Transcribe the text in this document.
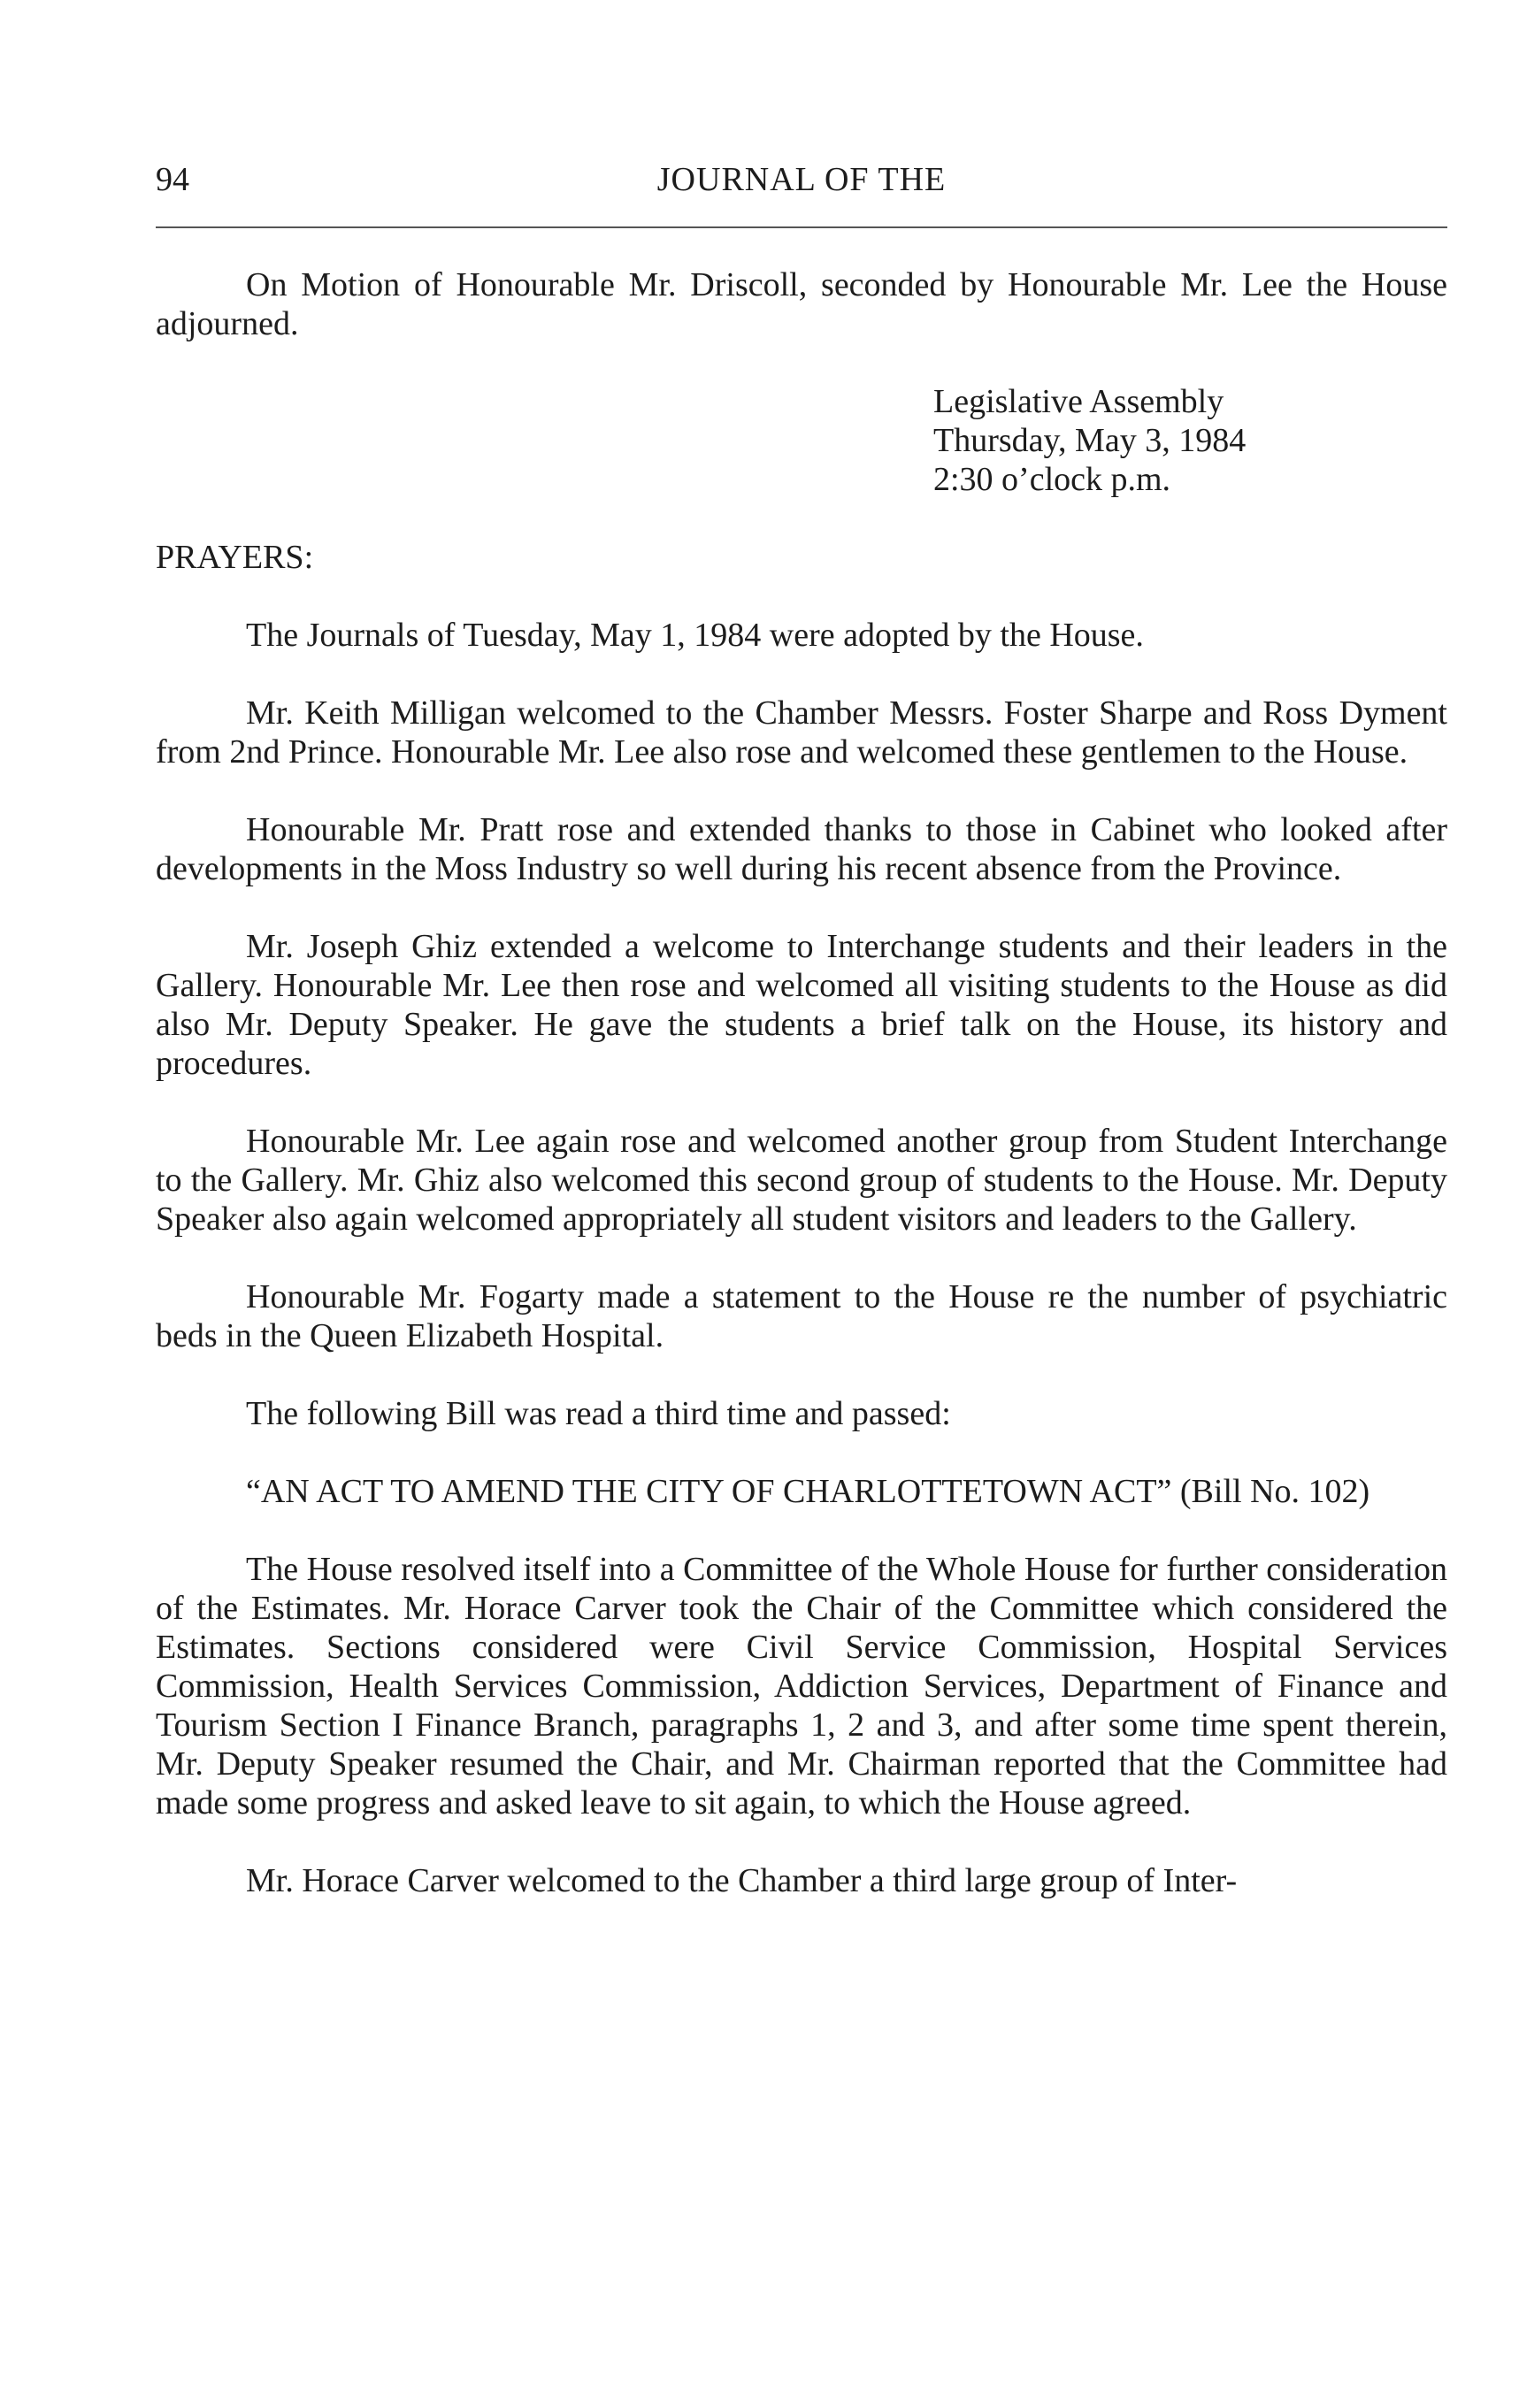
94	JOURNAL OF THE

On Motion of Honourable Mr. Driscoll, seconded by Honourable Mr. Lee the House adjourned.

Legislative Assembly
Thursday, May 3, 1984
2:30 o’clock p.m.

PRAYERS:

The Journals of Tuesday, May 1, 1984 were adopted by the House.

Mr. Keith Milligan welcomed to the Chamber Messrs. Foster Sharpe and Ross Dyment from 2nd Prince. Honourable Mr. Lee also rose and welcomed these gentlemen to the House.

Honourable Mr. Pratt rose and extended thanks to those in Cabinet who looked after developments in the Moss Industry so well during his recent absence from the Province.

Mr. Joseph Ghiz extended a welcome to Interchange students and their leaders in the Gallery. Honourable Mr. Lee then rose and welcomed all visiting students to the House as did also Mr. Deputy Speaker. He gave the students a brief talk on the House, its history and procedures.

Honourable Mr. Lee again rose and welcomed another group from Student Interchange to the Gallery. Mr. Ghiz also welcomed this second group of students to the House. Mr. Deputy Speaker also again welcomed appropriately all student visitors and leaders to the Gallery.

Honourable Mr. Fogarty made a statement to the House re the number of psychiatric beds in the Queen Elizabeth Hospital.

The following Bill was read a third time and passed:

“AN ACT TO AMEND THE CITY OF CHARLOTTETOWN ACT” (Bill No. 102)

The House resolved itself into a Committee of the Whole House for further consideration of the Estimates. Mr. Horace Carver took the Chair of the Committee which considered the Estimates. Sections considered were Civil Service Commission, Hospital Services Commission, Health Services Commission, Addiction Services, Department of Finance and Tourism Section I Finance Branch, paragraphs 1, 2 and 3, and after some time spent therein, Mr. Deputy Speaker resumed the Chair, and Mr. Chairman reported that the Committee had made some progress and asked leave to sit again, to which the House agreed.

Mr. Horace Carver welcomed to the Chamber a third large group of Inter-
